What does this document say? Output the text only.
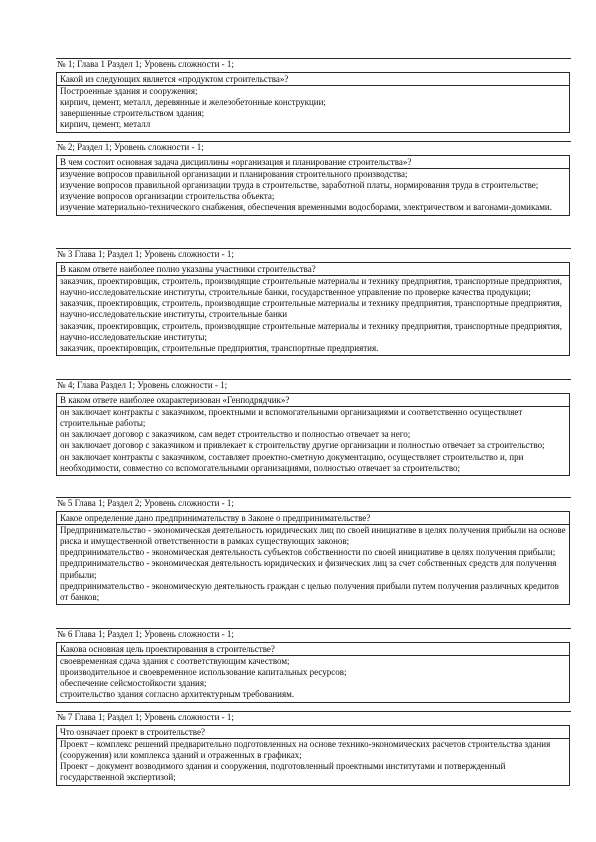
№ 1; Глава 1 Раздел 1; Уровень сложности - 1;
Какой из следующих является «продуктом строительства»?
Построенные здания и сооружения;
кирпич, цемент, металл, деревянные и железобетонные конструкции;
завершенные строительством здания;
кирпич, цемент, металл
№ 2; Раздел 1; Уровень сложности - 1;
В чем состоит основная задача дисциплины «организация и планирование строительства»?
изучение вопросов правильной организации и планирования строительного производства;
изучение вопросов правильной организации труда в строительстве, заработной платы, нормирования труда в строительстве;
изучение вопросов организации строительства объекта;
изучение материально-технического снабжения, обеспечения временными водосборами, электричеством и вагонами-домиками.
№ 3 Глава 1; Раздел 1; Уровень сложности - 1;
В каком ответе наиболее полно указаны участники строительства?
заказчик, проектировщик, строитель, производящие строительные материалы и технику предприятия, транспортные предприятия, научно-исследовательские институты, строительные банки, государственное управление по проверке качества продукции;
заказчик, проектировщик, строитель, производящие строительные материалы и технику предприятия, транспортные предприятия, научно-исследовательские институты, строительные банки
заказчик, проектировщик, строитель, производящие строительные материалы и технику предприятия, транспортные предприятия, научно-исследовательские институты;
заказчик, проектировщик, строительные предприятия, транспортные предприятия.
№ 4; Глава Раздел 1; Уровень сложности - 1;
В каком ответе наиболее охарактеризован «Генподрядчик»?
он заключает контракты с заказчиком, проектными и вспомогательными организациями и соответственно осуществляет строительные работы;
он заключает договор с заказчиком, сам ведет строительство и полностью отвечает за него;
он заключает договор с заказчиком и привлекает к строительству другие организации и полностью отвечает за строительство;
он заключает контракты с заказчиком, составляет проектно-сметную документацию, осуществляет строительство и, при необходимости, совместно со вспомогательными организациями, полностью отвечает за строительство;
№ 5 Глава 1; Раздел 2; Уровень сложности - 1;
Какое определение дано предпринимательству в Законе о предпринимательстве?
Предпринимательство - экономическая деятельность юридических лиц по своей инициативе в целях получения прибыли на основе риска и имущественной ответственности в рамках существующих законов;
предпринимательство - экономическая деятельность субъектов собственности по своей инициативе в целях получения прибыли;
предпринимательство - экономическая деятельность юридических и физических лиц за счет собственных средств для получения прибыли;
предпринимательство - экономическую деятельность граждан с целью получения прибыли путем получения различных кредитов от банков;
№ 6 Глава 1; Раздел 1; Уровень сложности - 1;
Какова основная цель проектирования в строительстве?
своевременная сдача здания с соответствующим качеством;
производительное и своевременное использование капитальных ресурсов;
обеспечение сейсмостойкости здания;
строительство здания согласно архитектурным требованиям.
№ 7 Глава 1; Раздел 1; Уровень сложности - 1;
Что означает проект в строительстве?
Проект – комплекс решений предварительно подготовленных на основе технико-экономических расчетов строительства здания (сооружения) или комплекса зданий и отраженных в графиках;
Проект – документ возводимого здания и сооружения, подготовленный проектными институтами и потвержденный государственной экспертизой;
